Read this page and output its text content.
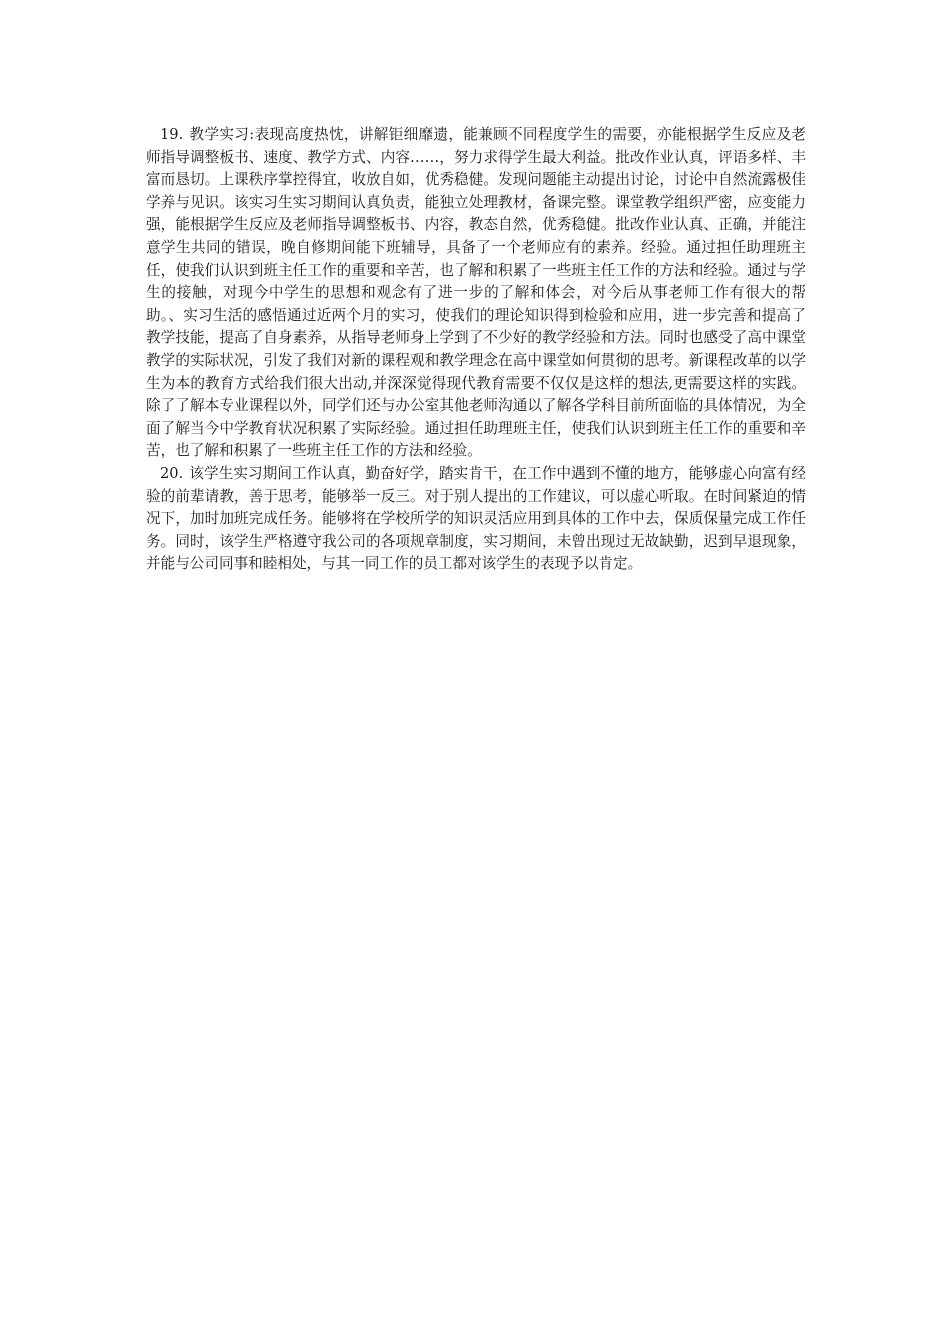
19. 教学实习:表现高度热忱，讲解钜细靡遗，能兼顾不同程度学生的需要，亦能根据学生反应及老师指导调整板书、速度、教学方式、内容……，努力求得学生最大利益。批改作业认真，评语多样、丰富而恳切。上课秩序掌控得宜，收放自如，优秀稳健。发现问题能主动提出讨论，讨论中自然流露极佳学养与见识。该实习生实习期间认真负责，能独立处理教材，备课完整。课堂教学组织严密，应变能力强，能根据学生反应及老师指导调整板书、内容，教态自然，优秀稳健。批改作业认真、正确，并能注意学生共同的错误，晚自修期间能下班辅导，具备了一个老师应有的素养。经验。通过担任助理班主任，使我们认识到班主任工作的重要和辛苦，也了解和积累了一些班主任工作的方法和经验。通过与学生的接触，对现今中学生的思想和观念有了进一步的了解和体会，对今后从事老师工作有很大的帮助。、实习生活的感悟通过近两个月的实习，使我们的理论知识得到检验和应用，进一步完善和提高了教学技能，提高了自身素养，从指导老师身上学到了不少好的教学经验和方法。同时也感受了高中课堂教学的实际状况，引发了我们对新的课程观和教学理念在高中课堂如何贯彻的思考。新课程改革的以学生为本的教育方式给我们很大出动,并深深觉得现代教育需要不仅仅是这样的想法,更需要这样的实践。除了了解本专业课程以外，同学们还与办公室其他老师沟通以了解各学科目前所面临的具体情况，为全面了解当今中学教育状况积累了实际经验。通过担任助理班主任，使我们认识到班主任工作的重要和辛苦，也了解和积累了一些班主任工作的方法和经验。

20. 该学生实习期间工作认真，勤奋好学，踏实肯干，在工作中遇到不懂的地方，能够虚心向富有经验的前辈请教，善于思考，能够举一反三。对于别人提出的工作建议，可以虚心听取。在时间紧迫的情况下，加时加班完成任务。能够将在学校所学的知识灵活应用到具体的工作中去，保质保量完成工作任务。同时，该学生严格遵守我公司的各项规章制度，实习期间，未曾出现过无故缺勤，迟到早退现象，并能与公司同事和睦相处，与其一同工作的员工都对该学生的表现予以肯定。
